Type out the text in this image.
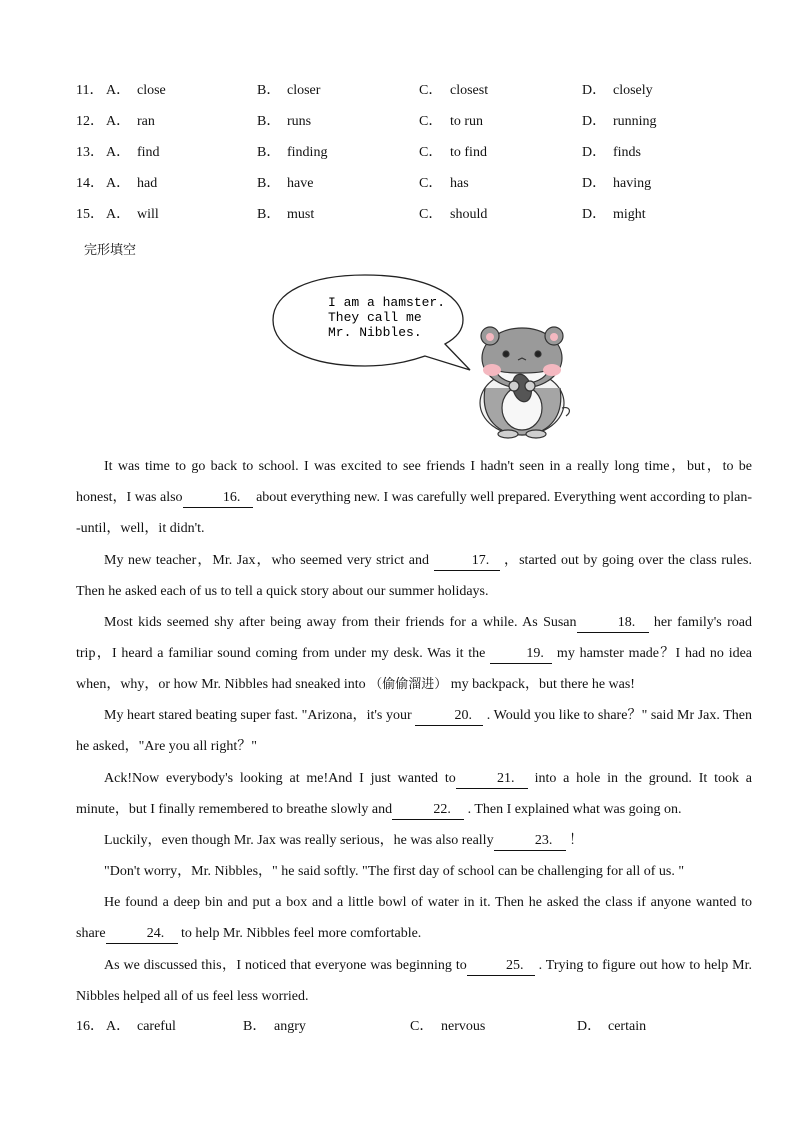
11． A． close	B． closer	C． closest	D． closely
12． A． ran	B． runs	C． to run	D． running
13． A． find	B． finding	C． to find	D． finds
14． A． had	B． have	C． has	D． having
15． A． will	B． must	C． should	D． might
完形填空
I am a hamster.
They call me
Mr. Nibbles.
It was time to go back to school. I was excited to see friends I hadn't seen in a really long time，but，to be honest，I was also	16. about everything new. I was carefully well prepared. Everything went according to plan--until，well，it didn't.
My new teacher，Mr. Jax，who seemed very strict and	17. ，started out by going over the class rules. Then he asked each of us to tell a quick story about our summer holidays.
Most kids seemed shy after being away from their friends for a while. As Susan	18. her family's road trip，I heard a familiar sound coming from under my desk. Was it the	19. my hamster made？I had no idea when，why，or how Mr. Nibbles had sneaked into （偷偷溜进） my backpack，but there he was!
My heart stared beating super fast. "Arizona，it's your	20. . Would you like to share？" said Mr Jax. Then he asked，"Are you all right？"
Ack!Now everybody's looking at me!And I just wanted to	21. into a hole in the ground. It took a minute，but I finally remembered to breathe slowly and	22. . Then I explained what was going on.
Luckily，even though Mr. Jax was really serious，he was also really	23. ！
"Don't worry，Mr. Nibbles，" he said softly. "The first day of school can be challenging for all of us. "
He found a deep bin and put a box and a little bowl of water in it. Then he asked the class if anyone wanted to share	24. to help Mr. Nibbles feel more comfortable.
As we discussed this，I noticed that everyone was beginning to	25. . Trying to figure out how to help Mr. Nibbles helped all of us feel less worried.
16． A． careful	B． angry	C． nervous	D． certain
